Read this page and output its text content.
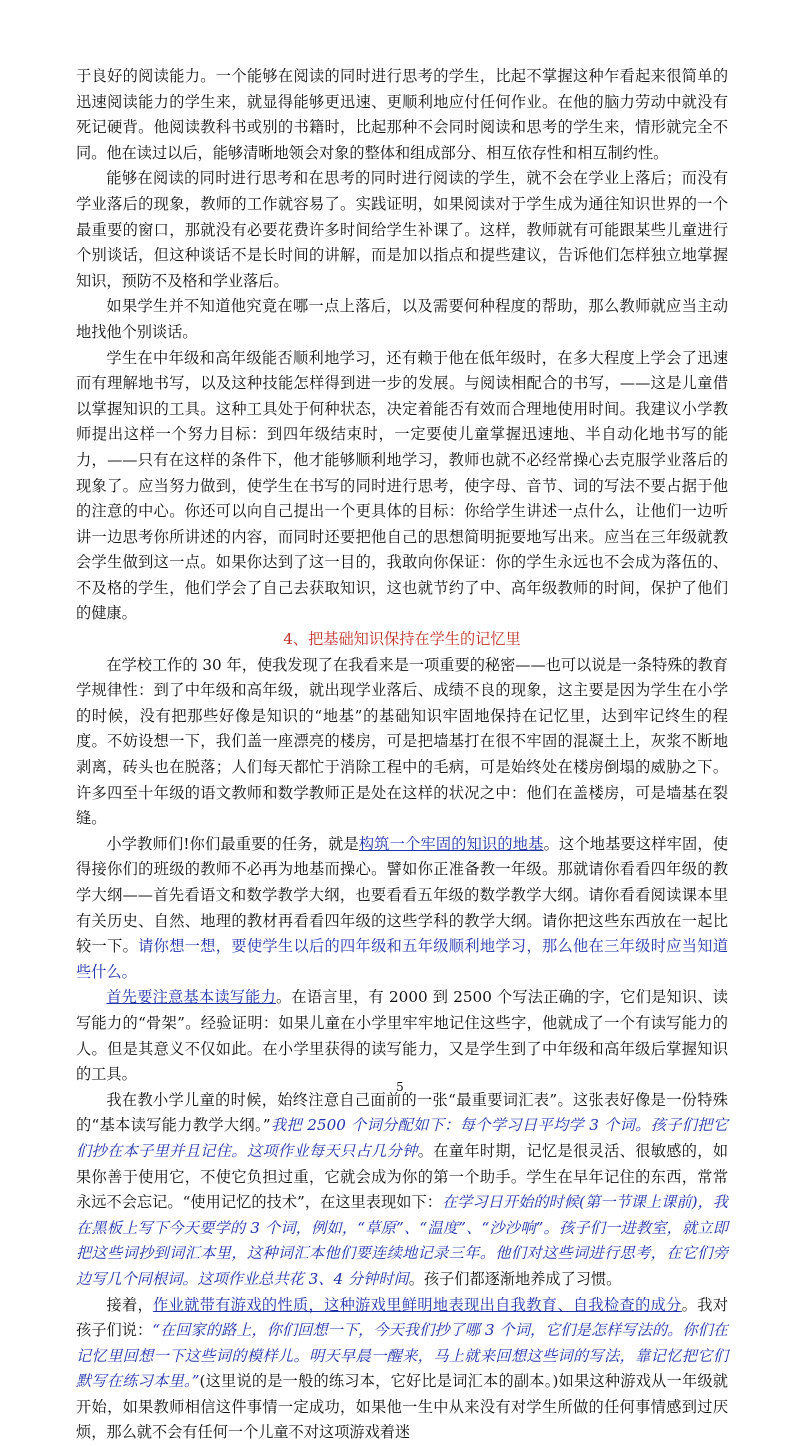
于良好的阅读能力。一个能够在阅读的同时进行思考的学生，比起不掌握这种乍看起来很简单的迅速阅读能力的学生来，就显得能够更迅速、更顺利地应付任何作业。在他的脑力劳动中就没有死记硬背。他阅读教科书或别的书籍时，比起那种不会同时阅读和思考的学生来，情形就完全不同。他在读过以后，能够清晰地领会对象的整体和组成部分、相互依存性和相互制约性。

能够在阅读的同时进行思考和在思考的同时进行阅读的学生，就不会在学业上落后；而没有学业落后的现象，教师的工作就容易了。实践证明，如果阅读对于学生成为通往知识世界的一个最重要的窗口，那就没有必要花费许多时间给学生补课了。这样，教师就有可能跟某些儿童进行个别谈话，但这种谈话不是长时间的讲解，而是加以指点和提些建议，告诉他们怎样独立地掌握知识，预防不及格和学业落后。

如果学生并不知道他究竟在哪一点上落后，以及需要何种程度的帮助，那么教师就应当主动地找他个别谈话。

学生在中年级和高年级能否顺利地学习，还有赖于他在低年级时，在多大程度上学会了迅速而有理解地书写，以及这种技能怎样得到进一步的发展。与阅读相配合的书写，——这是儿童借以掌握知识的工具。这种工具处于何种状态，决定着能否有效而合理地使用时间。我建议小学教师提出这样一个努力目标：到四年级结束时，一定要使儿童掌握迅速地、半自动化地书写的能力，——只有在这样的条件下，他才能够顺利地学习，教师也就不必经常操心去克服学业落后的现象了。应当努力做到，使学生在书写的同时进行思考，使字母、音节、词的写法不要占据于他的注意的中心。你还可以向自己提出一个更具体的目标：你给学生讲述一点什么，让他们一边听讲一边思考你所讲述的内容，而同时还要把他自己的思想简明扼要地写出来。应当在三年级就教会学生做到这一点。如果你达到了这一目的，我敢向你保证：你的学生永远也不会成为落伍的、不及格的学生，他们学会了自己去获取知识，这也就节约了中、高年级教师的时间，保护了他们的健康。

4、把基础知识保持在学生的记忆里

在学校工作的 30 年，使我发现了在我看来是一项重要的秘密——也可以说是一条特殊的教育学规律性：到了中年级和高年级，就出现学业落后、成绩不良的现象，这主要是因为学生在小学的时候，没有把那些好像是知识的“地基”的基础知识牢固地保持在记忆里，达到牢记终生的程度。不妨设想一下，我们盖一座漂亮的楼房，可是把墙基打在很不牢固的混凝土上，灰浆不断地剥离，砖头也在脱落；人们每天都忙于消除工程中的毛病，可是始终处在楼房倒塌的威胁之下。许多四至十年级的语文教师和数学教师正是处在这样的状况之中：他们在盖楼房，可是墙基在裂缝。

小学教师们!你们最重要的任务，就是构筑一个牢固的知识的地基。这个地基要这样牢固，使得接你们的班级的教师不必再为地基而操心。譬如你正准备教一年级。那就请你看看四年级的教学大纲——首先看语文和数学教学大纲，也要看看五年级的数学教学大纲。请你看看阅读课本里有关历史、自然、地理的教材再看看四年级的这些学科的教学大纲。请你把这些东西放在一起比较一下。请你想一想，要使学生以后的四年级和五年级顺利地学习，那么他在三年级时应当知道些什么。

首先要注意基本读写能力。在语言里，有 2000 到 2500 个写法正确的字，它们是知识、读写能力的“骨架”。经验证明：如果儿童在小学里牢牢地记住这些字，他就成了一个有读写能力的人。但是其意义不仅如此。在小学里获得的读写能力，又是学生到了中年级和高年级后掌握知识的工具。

我在教小学儿童的时候，始终注意自己面前的一张“最重要词汇表”。这张表好像是一份特殊的“基本读写能力教学大纲。”我把 2500 个词分配如下：每个学习日平均学 3 个词。孩子们把它们抄在本子里并且记住。这项作业每天只占几分钟。在童年时期，记忆是很灵活、很敏感的，如果你善于使用它，不使它负担过重，它就会成为你的第一个助手。学生在早年记住的东西，常常永远不会忘记。“使用记忆的技术”，在这里表现如下：在学习日开始的时候(第一节课上课前)，我在黑板上写下今天要学的 3 个词，例如，“草原”、“温度”、“沙沙响”。孩子们一进教室，就立即把这些词抄到词汇本里，这种词汇本他们要连续地记录三年。他们对这些词进行思考，在它们旁边写几个同根词。这项作业总共花 3、4 分钟时间。孩子们都逐渐地养成了习惯。

接着，作业就带有游戏的性质，这种游戏里鲜明地表现出自我教育、自我检查的成分。我对孩子们说：“在回家的路上，你们回想一下，今天我们抄了哪 3 个词，它们是怎样写法的。你们在记忆里回想一下这些词的模样儿。明天早晨一醒来，马上就来回想这些词的写法，靠记忆把它们默写在练习本里。”(这里说的是一般的练习本，它好比是词汇本的副本。)如果这种游戏从一年级就开始，如果教师相信这件事情一定成功，如果他一生中从来没有对学生所做的任何事情感到过厌烦，那么就不会有任何一个儿童不对这项游戏着迷

5
